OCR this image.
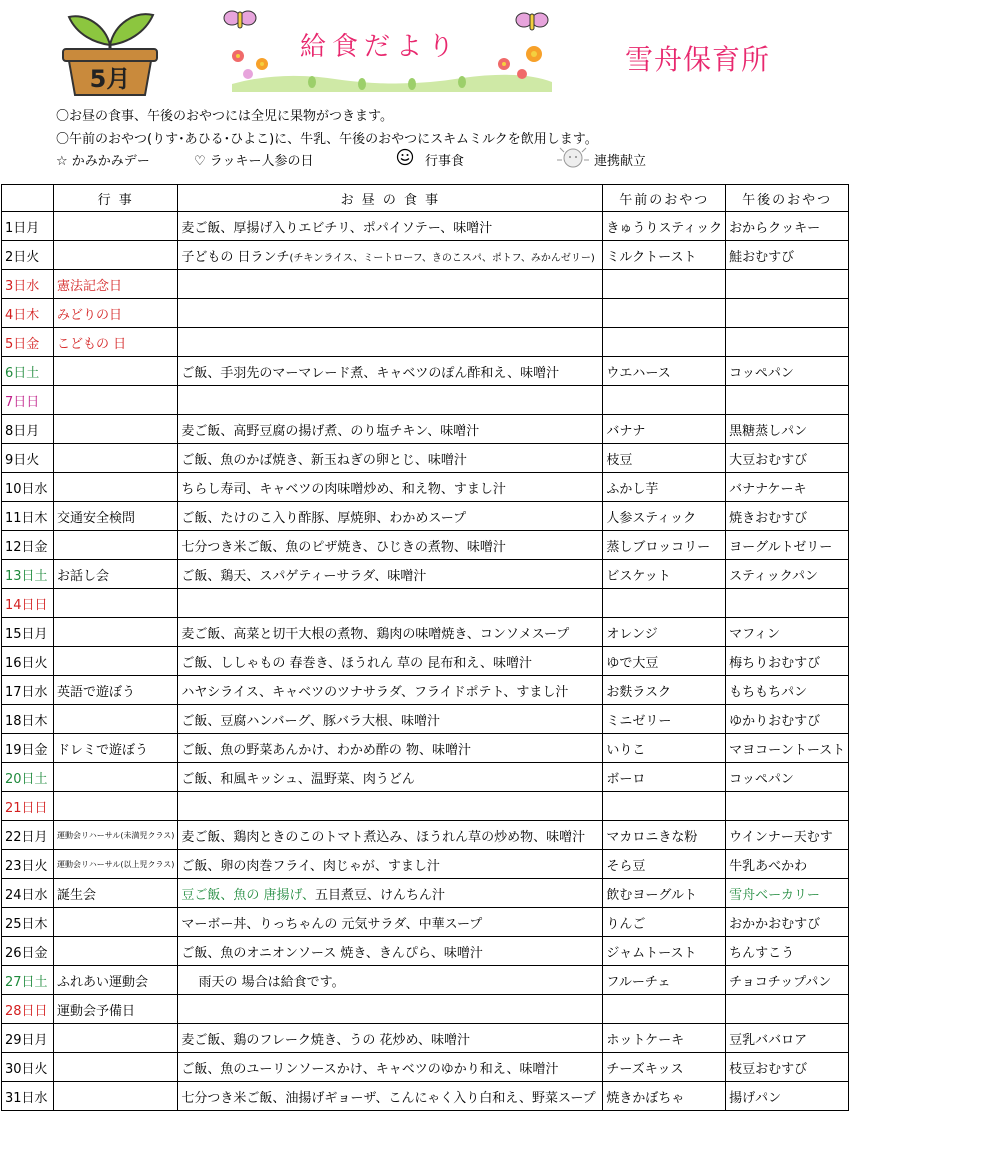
5月
給食だより	雪舟保育所
〇お昼の食事、午後のおやつには全児に果物がつきます。
〇午前のおやつ(りす･あひる･ひよこ)に、牛乳、午後のおやつにスキムミルクを飲用します。
☆ かみかみデー	♡ ラッキー人参の日	行事食	連携献立
	行 事	お 昼 の 食 事	午前のおやつ	午後のおやつ
1日月		麦ご飯、厚揚げ入りエビチリ、ポパイソテー、味噌汁	きゅうりスティック	おからクッキー
2日火		子どもの 日ランチ(チキンライス、ミートローフ、きのこスパ、ポトフ、みかんゼリー)	ミルクトースト	鮭おむすび
3日水	憲法記念日			
4日木	みどりの日			
5日金	こどもの 日			
6日土		ご飯、手羽先のマーマレード煮、キャベツのぽん酢和え、味噌汁	ウエハース	コッペパン
7日日				
8日月		麦ご飯、高野豆腐の揚げ煮、のり塩チキン、味噌汁	バナナ	黒糖蒸しパン
9日火		ご飯、魚のかば焼き、新玉ねぎの卵とじ、味噌汁	枝豆	大豆おむすび
10日水		ちらし寿司、キャベツの肉味噌炒め、和え物、すまし汁	ふかし芋	バナナケーキ
11日木	交通安全検問	ご飯、たけのこ入り酢豚、厚焼卵、わかめスープ	人参スティック	焼きおむすび
12日金		七分つき米ご飯、魚のピザ焼き、ひじきの煮物、味噌汁	蒸しブロッコリー	ヨーグルトゼリー
13日土	お話し会	ご飯、鶏天、スパゲティーサラダ、味噌汁	ビスケット	スティックパン
14日日				
15日月		麦ご飯、高菜と切干大根の煮物、鶏肉の味噌焼き、コンソメスープ	オレンジ	マフィン
16日火		ご飯、ししゃもの 春巻き、ほうれん 草の 昆布和え、味噌汁	ゆで大豆	梅ちりおむすび
17日水	英語で遊ぼう	ハヤシライス、キャベツのツナサラダ、フライドポテト、すまし汁	お麩ラスク	もちもちパン
18日木		ご飯、豆腐ハンバーグ、豚バラ大根、味噌汁	ミニゼリー	ゆかりおむすび
19日金	ドレミで遊ぼう	ご飯、魚の野菜あんかけ、わかめ酢の 物、味噌汁	いりこ	マヨコーントースト
20日土		ご飯、和風キッシュ、温野菜、肉うどん	ボーロ	コッペパン
21日日				
22日月	運動会リハーサル(未満児クラス)	麦ご飯、鶏肉ときのこのトマト煮込み、ほうれん草の炒め物、味噌汁	マカロニきな粉	ウインナー天むす
23日火	運動会リハーサル(以上児クラス)	ご飯、卵の肉巻フライ、肉じゃが、すまし汁	そら豆	牛乳あべかわ
24日水	誕生会	豆ご飯、魚の 唐揚げ、五目煮豆、けんちん汁	飲むヨーグルト	雪舟ベーカリー
25日木		マーボー丼、りっちゃんの 元気サラダ、中華スープ	りんご	おかかおむすび
26日金		ご飯、魚のオニオンソース 焼き、きんぴら、味噌汁	ジャムトースト	ちんすこう
27日土	ふれあい運動会	　 雨天の 場合は給食です。	フルーチェ	チョコチップパン
28日日	運動会予備日			
29日月		麦ご飯、鶏のフレーク焼き、うの 花炒め、味噌汁	ホットケーキ	豆乳ババロア
30日火		ご飯、魚のユーリンソースかけ、キャベツのゆかり和え、味噌汁	チーズキッス	枝豆おむすび
31日水		七分つき米ご飯、油揚げギョーザ、こんにゃく入り白和え、野菜スープ	焼きかぼちゃ	揚げパン
